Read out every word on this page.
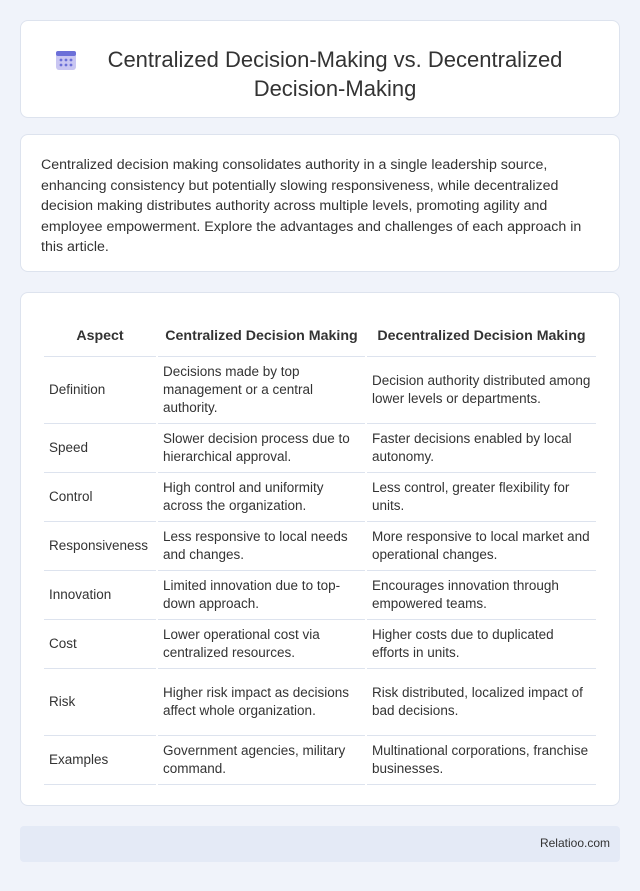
Centralized Decision-Making vs. Decentralized Decision-Making

Centralized decision making consolidates authority in a single leadership source, enhancing consistency but potentially slowing responsiveness, while decentralized decision making distributes authority across multiple levels, promoting agility and employee empowerment. Explore the advantages and challenges of each approach in this article.

Aspect	Centralized Decision Making	Decentralized Decision Making
Definition	Decisions made by top management or a central authority.	Decision authority distributed among lower levels or departments.
Speed	Slower decision process due to hierarchical approval.	Faster decisions enabled by local autonomy.
Control	High control and uniformity across the organization.	Less control, greater flexibility for units.
Responsiveness	Less responsive to local needs and changes.	More responsive to local market and operational changes.
Innovation	Limited innovation due to top-down approach.	Encourages innovation through empowered teams.
Cost	Lower operational cost via centralized resources.	Higher costs due to duplicated efforts in units.
Risk	Higher risk impact as decisions affect whole organization.	Risk distributed, localized impact of bad decisions.
Examples	Government agencies, military command.	Multinational corporations, franchise businesses.
Relatioo.com
